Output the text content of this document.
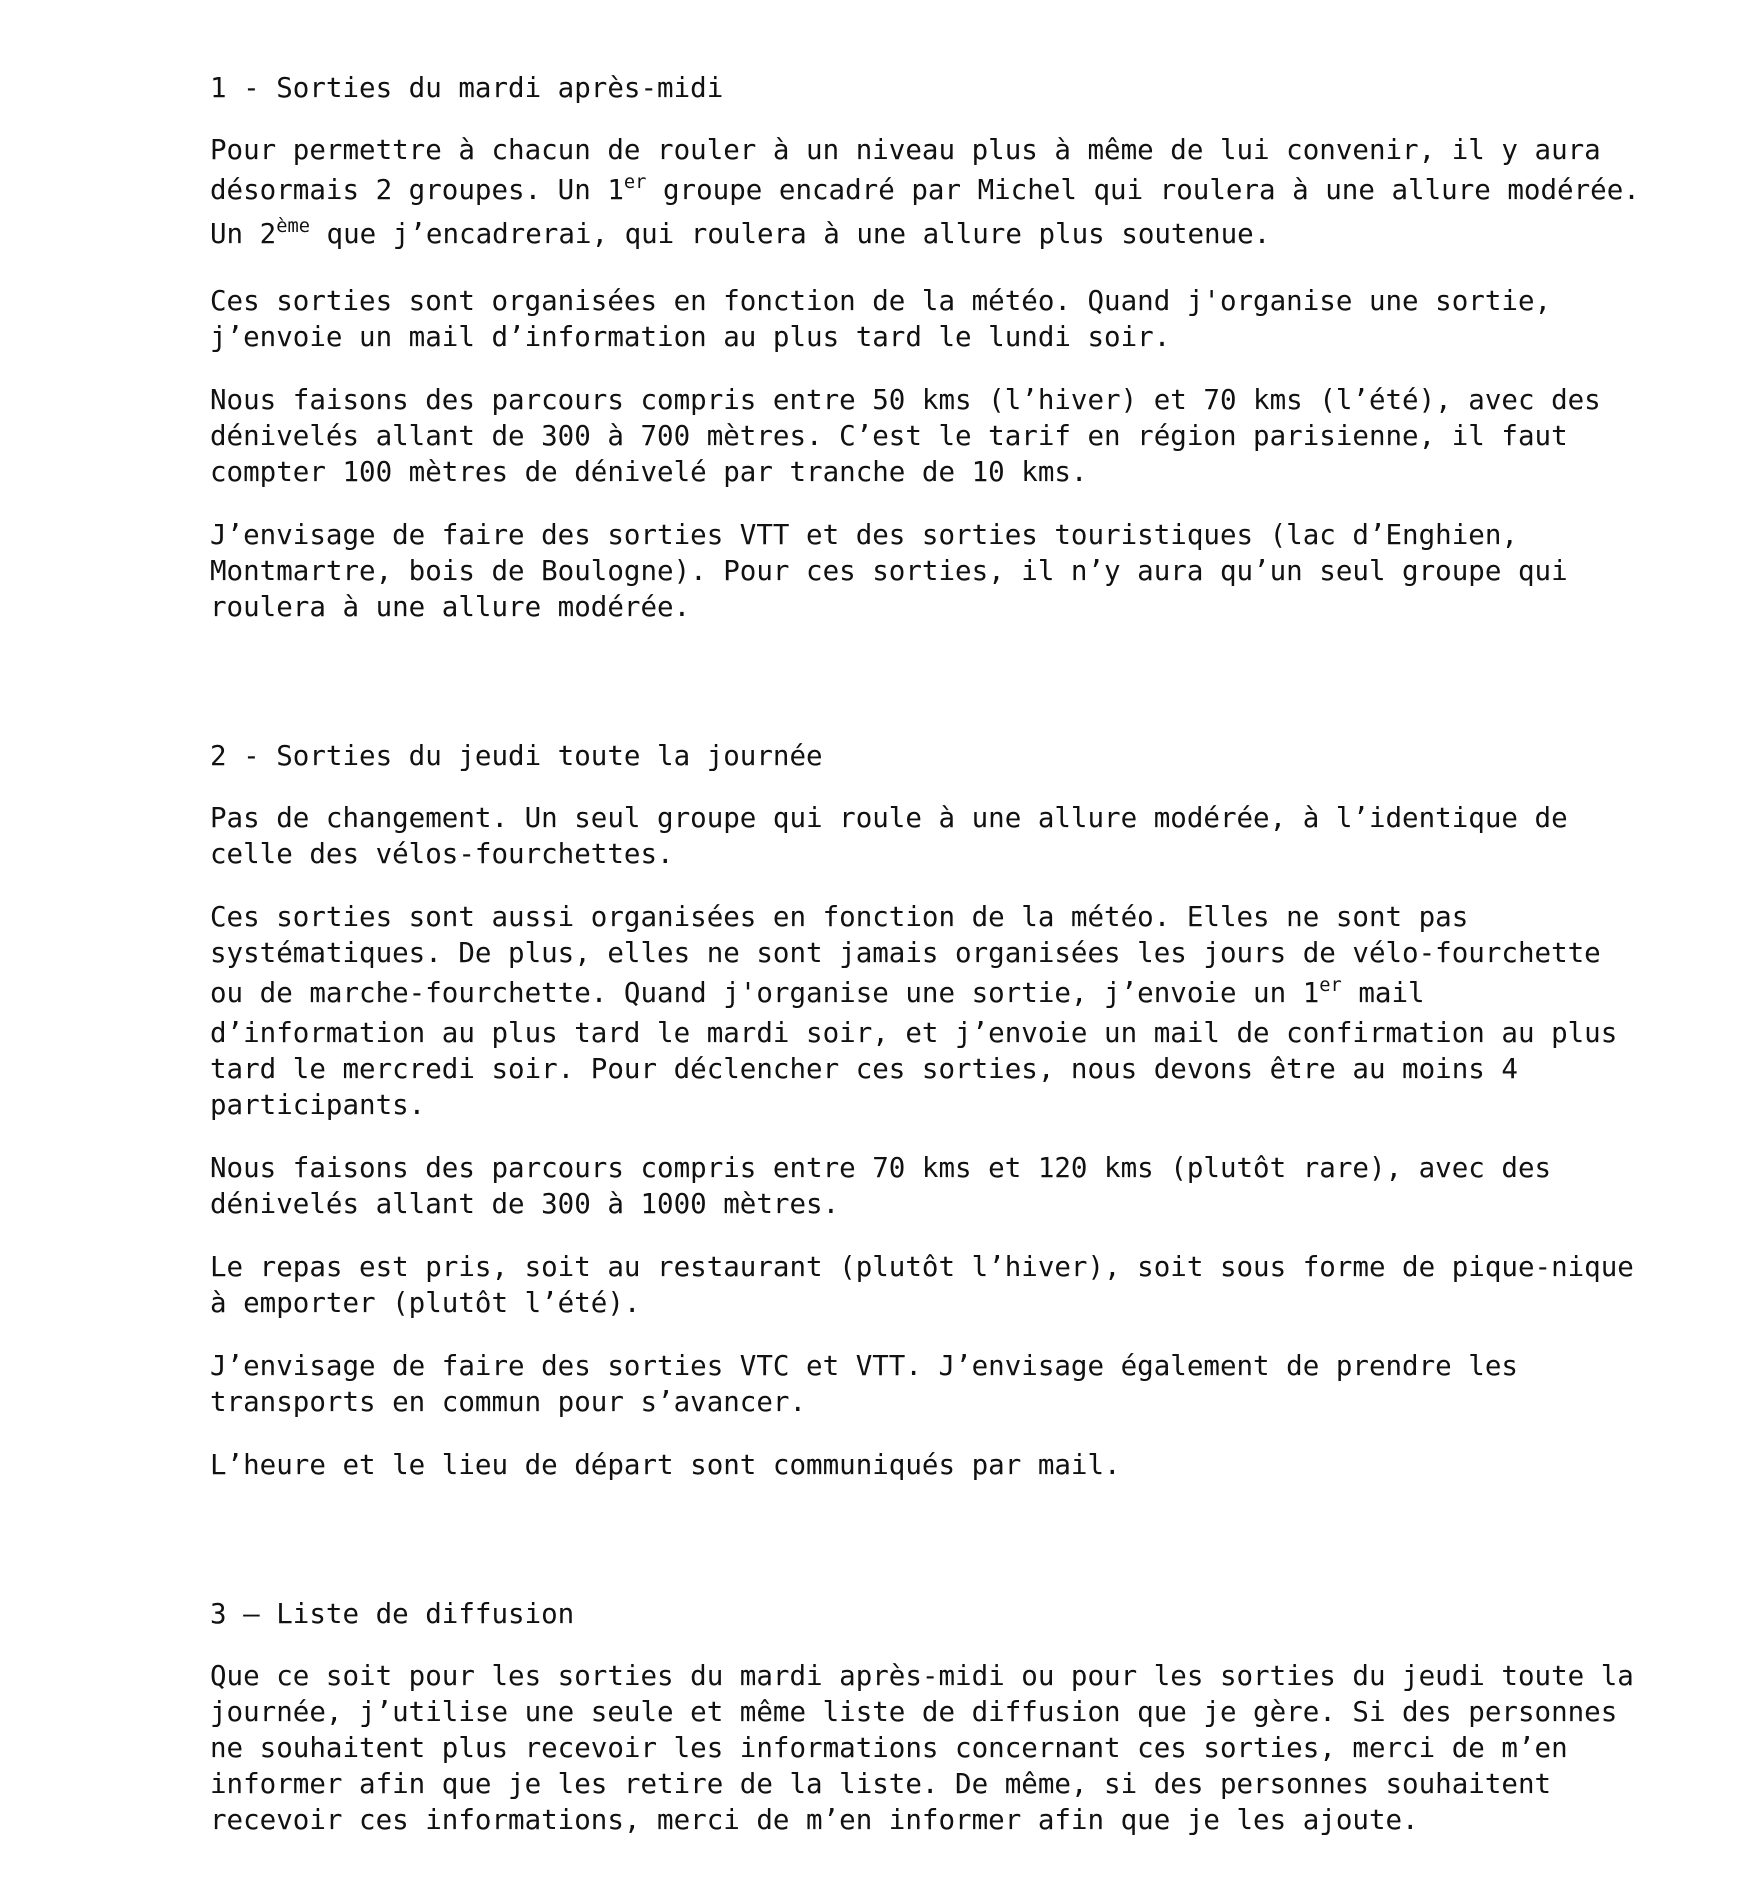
1 - Sorties du mardi après-midi
Pour permettre à chacun de rouler à un niveau plus à même de lui convenir, il y aura
désormais 2 groupes. Un 1er groupe encadré par Michel qui roulera à une allure modérée.
Un 2ème que j’encadrerai, qui roulera à une allure plus soutenue.
Ces sorties sont organisées en fonction de la météo. Quand j'organise une sortie,
j’envoie un mail d’information au plus tard le lundi soir.
Nous faisons des parcours compris entre 50 kms (l’hiver) et 70 kms (l’été), avec des
dénivelés allant de 300 à 700 mètres. C’est le tarif en région parisienne, il faut
compter 100 mètres de dénivelé par tranche de 10 kms.
J’envisage de faire des sorties VTT et des sorties touristiques (lac d’Enghien,
Montmartre, bois de Boulogne). Pour ces sorties, il n’y aura qu’un seul groupe qui
roulera à une allure modérée.
2 - Sorties du jeudi toute la journée
Pas de changement. Un seul groupe qui roule à une allure modérée, à l’identique de
celle des vélos-fourchettes.
Ces sorties sont aussi organisées en fonction de la météo. Elles ne sont pas
systématiques. De plus, elles ne sont jamais organisées les jours de vélo-fourchette
ou de marche-fourchette. Quand j'organise une sortie, j’envoie un 1er mail
d’information au plus tard le mardi soir, et j’envoie un mail de confirmation au plus
tard le mercredi soir. Pour déclencher ces sorties, nous devons être au moins 4
participants.
Nous faisons des parcours compris entre 70 kms et 120 kms (plutôt rare), avec des
dénivelés allant de 300 à 1000 mètres.
Le repas est pris, soit au restaurant (plutôt l’hiver), soit sous forme de pique-nique
à emporter (plutôt l’été).
J’envisage de faire des sorties VTC et VTT. J’envisage également de prendre les
transports en commun pour s’avancer.
L’heure et le lieu de départ sont communiqués par mail.
3 – Liste de diffusion
Que ce soit pour les sorties du mardi après-midi ou pour les sorties du jeudi toute la
journée, j’utilise une seule et même liste de diffusion que je gère. Si des personnes
ne souhaitent plus recevoir les informations concernant ces sorties, merci de m’en
informer afin que je les retire de la liste. De même, si des personnes souhaitent
recevoir ces informations, merci de m’en informer afin que je les ajoute.
